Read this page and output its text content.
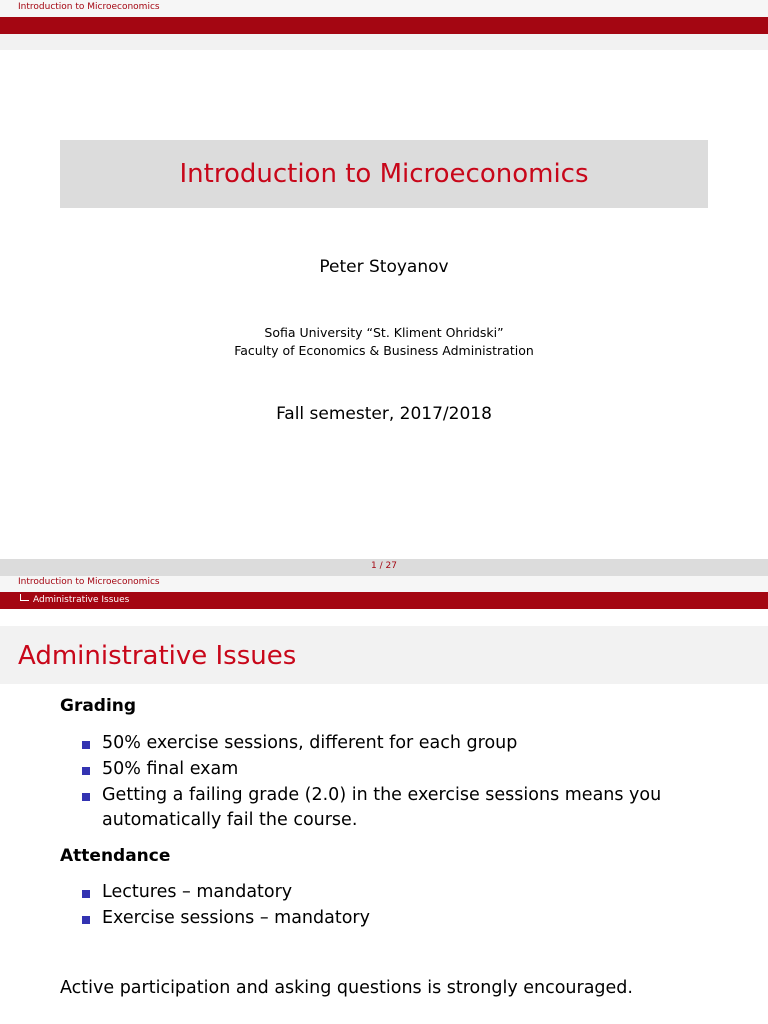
Introduction to Microeconomics
Introduction to Microeconomics
Peter Stoyanov
Sofia University “St. Kliment Ohridski”
Faculty of Economics & Business Administration
Fall semester, 2017/2018
1 / 27
Introduction to Microeconomics
Administrative Issues
Administrative Issues
Grading
50% exercise sessions, different for each group
50% final exam
Getting a failing grade (2.0) in the exercise sessions means you
automatically fail the course.
Attendance
Lectures – mandatory
Exercise sessions – mandatory
Active participation and asking questions is strongly encouraged.
